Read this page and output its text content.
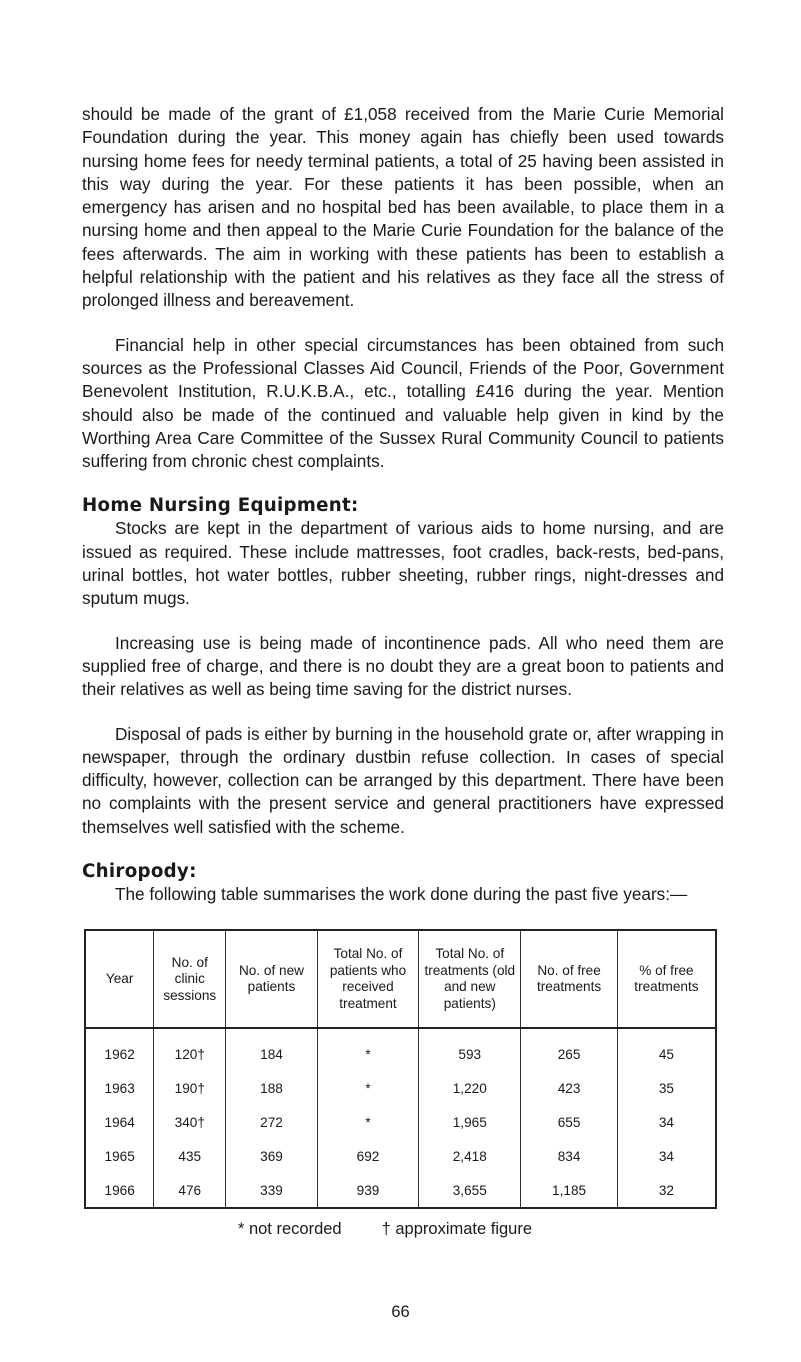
should be made of the grant of £1,058 received from the Marie Curie Memorial Foundation during the year. This money again has chiefly been used towards nursing home fees for needy terminal patients, a total of 25 having been assisted in this way during the year. For these patients it has been possible, when an emergency has arisen and no hospital bed has been available, to place them in a nursing home and then appeal to the Marie Curie Foundation for the balance of the fees afterwards. The aim in working with these patients has been to establish a helpful relationship with the patient and his relatives as they face all the stress of prolonged illness and bereavement.

Financial help in other special circumstances has been obtained from such sources as the Professional Classes Aid Council, Friends of the Poor, Government Benevolent Institution, R.U.K.B.A., etc., totalling £416 during the year. Mention should also be made of the continued and valuable help given in kind by the Worthing Area Care Committee of the Sussex Rural Community Council to patients suffering from chronic chest complaints.

Home Nursing Equipment:

Stocks are kept in the department of various aids to home nursing, and are issued as required. These include mattresses, foot cradles, back-rests, bed-pans, urinal bottles, hot water bottles, rubber sheeting, rubber rings, night-dresses and sputum mugs.

Increasing use is being made of incontinence pads. All who need them are supplied free of charge, and there is no doubt they are a great boon to patients and their relatives as well as being time saving for the district nurses.

Disposal of pads is either by burning in the household grate or, after wrapping in newspaper, through the ordinary dustbin refuse collection. In cases of special difficulty, however, collection can be arranged by this department. There have been no complaints with the present service and general practitioners have expressed themselves well satisfied with the scheme.

Chiropody:

The following table summarises the work done during the past five years:—

Year	No. of clinic sessions	No. of new patients	Total No. of patients who received treatment	Total No. of treatments (old and new patients)	No. of free treatments	% of free treatments
1962	120†	184	*	593	265	45
1963	190†	188	*	1,220	423	35
1964	340†	272	*	1,965	655	34
1965	435	369	692	2,418	834	34
1966	476	339	939	3,655	1,185	32
* not recorded † approximate figure
66
